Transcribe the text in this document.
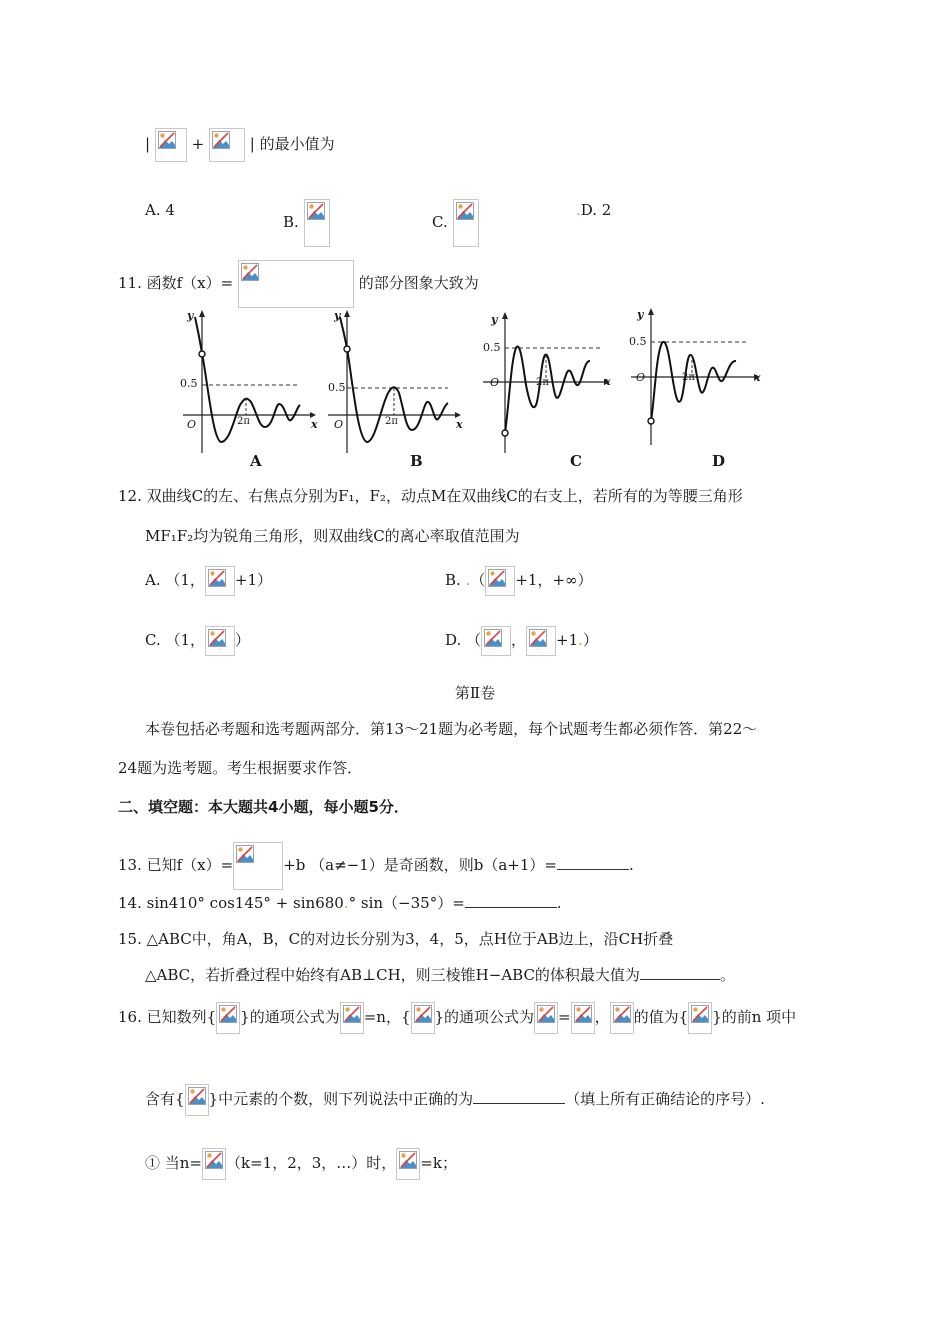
|	+	| 的最小值为
A. 4
B.	C.
.D. 2
11. 函数f（x）=	的部分图象大致为
y
x
O
0.5
2π
A
y
x
O
0.5
2π
B
y
x
O
0.5
2π
C
y
x
O
0.5
2π
D
12. 双曲线C的左、右焦点分别为F₁，F₂，动点M在双曲线C的右支上，若所有的为等腰三角形
MF₁F₂均为锐角三角形，则双曲线C的离心率取值范围为
A. （1， +1）	B. .（ +1，+∞）
C. （1， ）	D. （ ， +1.）
第Ⅱ卷
本卷包括必考题和选考题两部分．第13～21题为必考题，每个试题考生都必须作答．第22～
24题为选考题。考生根据要求作答．
二、填空题：本大题共4小题，每小题5分．
13. 已知f（x）=	+b （a≠−1）是奇函数，则b（a+1）=	.
14. sin410° cos145° + sin680.° sin（−35°）=	.
15. △ABC中，角A，B，C的对边长分别为3，4，5，点H位于AB边上，沿CH折叠
△ABC，若折叠过程中始终有AB⊥CH，则三棱锥H−ABC的体积最大值为	。
16. 已知数列{ }的通项公式为 =n，{ }的通项公式为 = ， 的值为{ }的前n 项中
含有{ }中元素的个数，则下列说法中正确的为	（填上所有正确结论的序号）.
① 当n= （k=1，2，3，…）时， =k；
